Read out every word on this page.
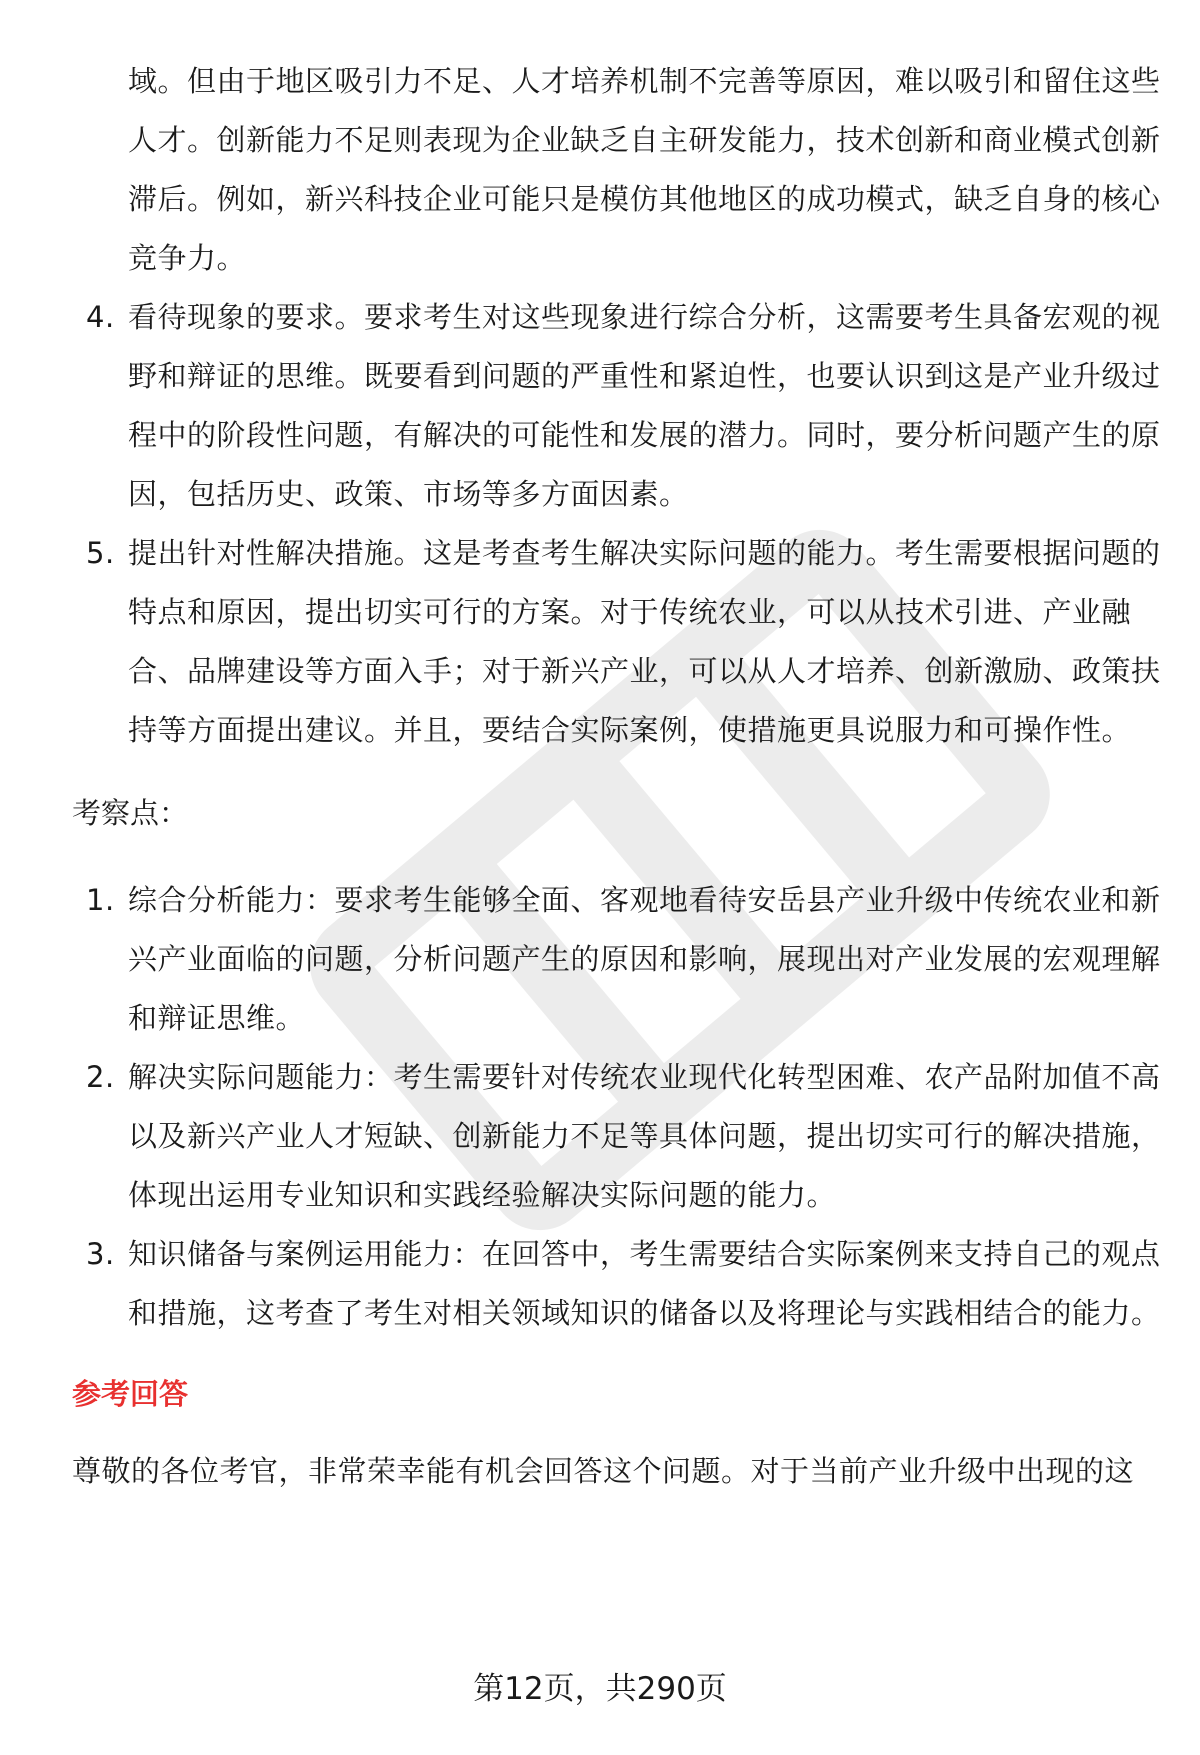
域。但由于地区吸引力不足、人才培养机制不完善等原因，难以吸引和留住这些人才。创新能力不足则表现为企业缺乏自主研发能力，技术创新和商业模式创新滞后。例如，新兴科技企业可能只是模仿其他地区的成功模式，缺乏自身的核心竞争力。

4. 看待现象的要求。要求考生对这些现象进行综合分析，这需要考生具备宏观的视野和辩证的思维。既要看到问题的严重性和紧迫性，也要认识到这是产业升级过程中的阶段性问题，有解决的可能性和发展的潜力。同时，要分析问题产生的原因，包括历史、政策、市场等多方面因素。
5. 提出针对性解决措施。这是考查考生解决实际问题的能力。考生需要根据问题的特点和原因，提出切实可行的方案。对于传统农业，可以从技术引进、产业融合、品牌建设等方面入手；对于新兴产业，可以从人才培养、创新激励、政策扶持等方面提出建议。并且，要结合实际案例，使措施更具说服力和可操作性。
考察点：
1. 综合分析能力：要求考生能够全面、客观地看待安岳县产业升级中传统农业和新兴产业面临的问题，分析问题产生的原因和影响，展现出对产业发展的宏观理解和辩证思维。
2. 解决实际问题能力：考生需要针对传统农业现代化转型困难、农产品附加值不高以及新兴产业人才短缺、创新能力不足等具体问题，提出切实可行的解决措施，体现出运用专业知识和实践经验解决实际问题的能力。
3. 知识储备与案例运用能力：在回答中，考生需要结合实际案例来支持自己的观点和措施，这考查了考生对相关领域知识的储备以及将理论与实践相结合的能力。
参考回答

尊敬的各位考官，非常荣幸能有机会回答这个问题。对于当前产业升级中出现的这

第12页，共290页
